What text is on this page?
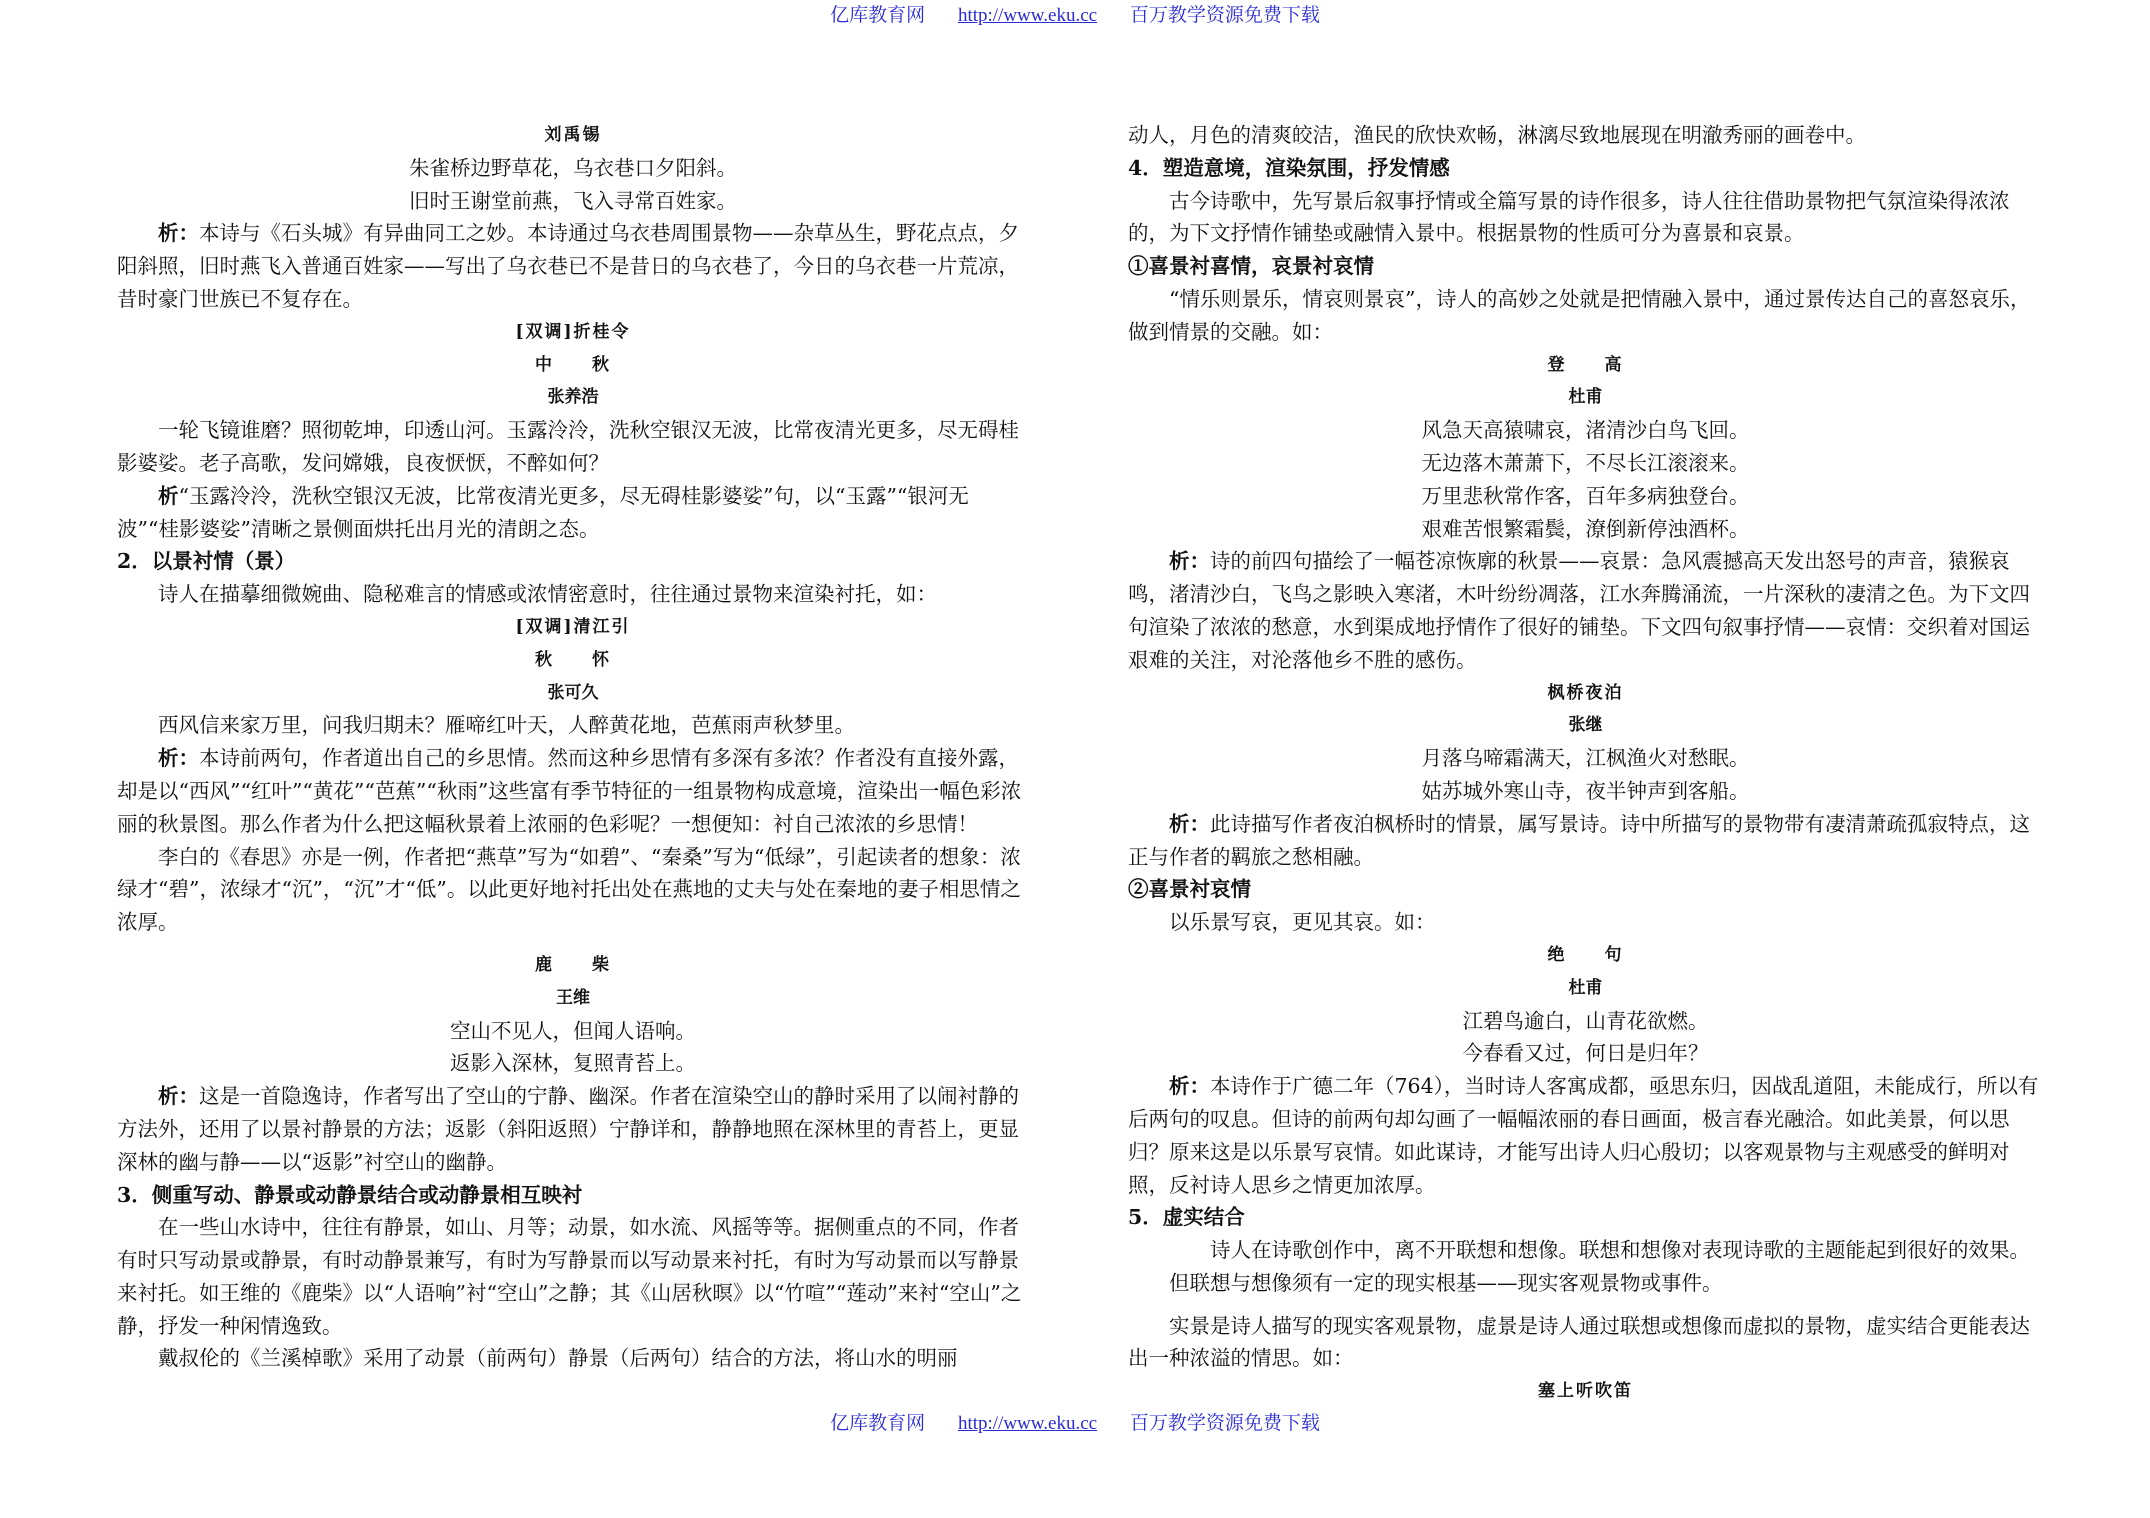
亿库教育网 http://www.eku.cc 百万教学资源免费下载

刘禹锡

朱雀桥边野草花，乌衣巷口夕阳斜。

旧时王谢堂前燕，飞入寻常百姓家。

析：本诗与《石头城》有异曲同工之妙。本诗通过乌衣巷周围景物——杂草丛生，野花点点，夕阳斜照，旧时燕飞入普通百姓家——写出了乌衣巷已不是昔日的乌衣巷了，今日的乌衣巷一片荒凉，昔时豪门世族已不复存在。

[双调]折桂令

中　　秋

张养浩

一轮飞镜谁磨？照彻乾坤，印透山河。玉露泠泠，洗秋空银汉无波，比常夜清光更多，尽无碍桂影婆娑。老子高歌，发问嫦娥，良夜恹恹，不醉如何？

析“玉露泠泠，洗秋空银汉无波，比常夜清光更多，尽无碍桂影婆娑”句，以“玉露”“银河无波”“桂影婆娑”清晰之景侧面烘托出月光的清朗之态。

2．以景衬情（景）

诗人在描摹细微婉曲、隐秘难言的情感或浓情密意时，往往通过景物来渲染衬托，如：

[双调]清江引

秋　　怀

张可久

西风信来家万里，问我归期未？雁啼红叶天，人醉黄花地，芭蕉雨声秋梦里。

析：本诗前两句，作者道出自己的乡思情。然而这种乡思情有多深有多浓？作者没有直接外露，却是以“西风”“红叶”“黄花”“芭蕉”“秋雨”这些富有季节特征的一组景物构成意境，渲染出一幅色彩浓丽的秋景图。那么作者为什么把这幅秋景着上浓丽的色彩呢？一想便知：衬自己浓浓的乡思情！

李白的《春思》亦是一例，作者把“燕草”写为“如碧”、“秦桑”写为“低绿”，引起读者的想象：浓绿才“碧”，浓绿才“沉”，“沉”才“低”。以此更好地衬托出处在燕地的丈夫与处在秦地的妻子相思情之浓厚。

鹿　　柴

王维

空山不见人，但闻人语响。

返影入深林，复照青苔上。

析：这是一首隐逸诗，作者写出了空山的宁静、幽深。作者在渲染空山的静时采用了以闹衬静的方法外，还用了以景衬静景的方法；返影（斜阳返照）宁静详和，静静地照在深林里的青苔上，更显深林的幽与静——以“返影”衬空山的幽静。

3．侧重写动、静景或动静景结合或动静景相互映衬

在一些山水诗中，往往有静景，如山、月等；动景，如水流、风摇等等。据侧重点的不同，作者有时只写动景或静景，有时动静景兼写，有时为写静景而以写动景来衬托，有时为写动景而以写静景来衬托。如王维的《鹿柴》以“人语响”衬“空山”之静；其《山居秋暝》以“竹喧”“莲动”来衬“空山”之静，抒发一种闲情逸致。

戴叔伦的《兰溪棹歌》采用了动景（前两句）静景（后两句）结合的方法，将山水的明丽

动人，月色的清爽皎洁，渔民的欣快欢畅，淋漓尽致地展现在明澈秀丽的画卷中。

4．塑造意境，渲染氛围，抒发情感

古今诗歌中，先写景后叙事抒情或全篇写景的诗作很多，诗人往往借助景物把气氛渲染得浓浓的，为下文抒情作铺垫或融情入景中。根据景物的性质可分为喜景和哀景。

①喜景衬喜情，哀景衬哀情

“情乐则景乐，情哀则景哀”，诗人的高妙之处就是把情融入景中，通过景传达自己的喜怒哀乐，做到情景的交融。如：

登　　高

杜甫

风急天高猿啸哀，渚清沙白鸟飞回。

无边落木萧萧下，不尽长江滚滚来。

万里悲秋常作客，百年多病独登台。

艰难苦恨繁霜鬓，潦倒新停浊酒杯。

析：诗的前四句描绘了一幅苍凉恢廓的秋景——哀景：急风震撼高天发出怒号的声音，猿猴哀鸣，渚清沙白，飞鸟之影映入寒渚，木叶纷纷凋落，江水奔腾涌流，一片深秋的凄清之色。为下文四句渲染了浓浓的愁意，水到渠成地抒情作了很好的铺垫。下文四句叙事抒情——哀情：交织着对国运艰难的关注，对沦落他乡不胜的感伤。

枫桥夜泊

张继

月落乌啼霜满天，江枫渔火对愁眠。

姑苏城外寒山寺，夜半钟声到客船。

析：此诗描写作者夜泊枫桥时的情景，属写景诗。诗中所描写的景物带有凄清萧疏孤寂特点，这正与作者的羁旅之愁相融。

②喜景衬哀情

以乐景写哀，更见其哀。如：

绝　　句

杜甫

江碧鸟逾白，山青花欲燃。

今春看又过，何日是归年？

析：本诗作于广德二年（764），当时诗人客寓成都，亟思东归，因战乱道阻，未能成行，所以有后两句的叹息。但诗的前两句却勾画了一幅幅浓丽的春日画面，极言春光融洽。如此美景，何以思归？原来这是以乐景写哀情。如此谋诗，才能写出诗人归心殷切；以客观景物与主观感受的鲜明对照，反衬诗人思乡之情更加浓厚。

5．虚实结合

诗人在诗歌创作中，离不开联想和想像。联想和想像对表现诗歌的主题能起到很好的效果。但联想与想像须有一定的现实根基——现实客观景物或事件。

实景是诗人描写的现实客观景物，虚景是诗人通过联想或想像而虚拟的景物，虚实结合更能表达出一种浓溢的情思。如：

塞上听吹笛

亿库教育网 http://www.eku.cc 百万教学资源免费下载
